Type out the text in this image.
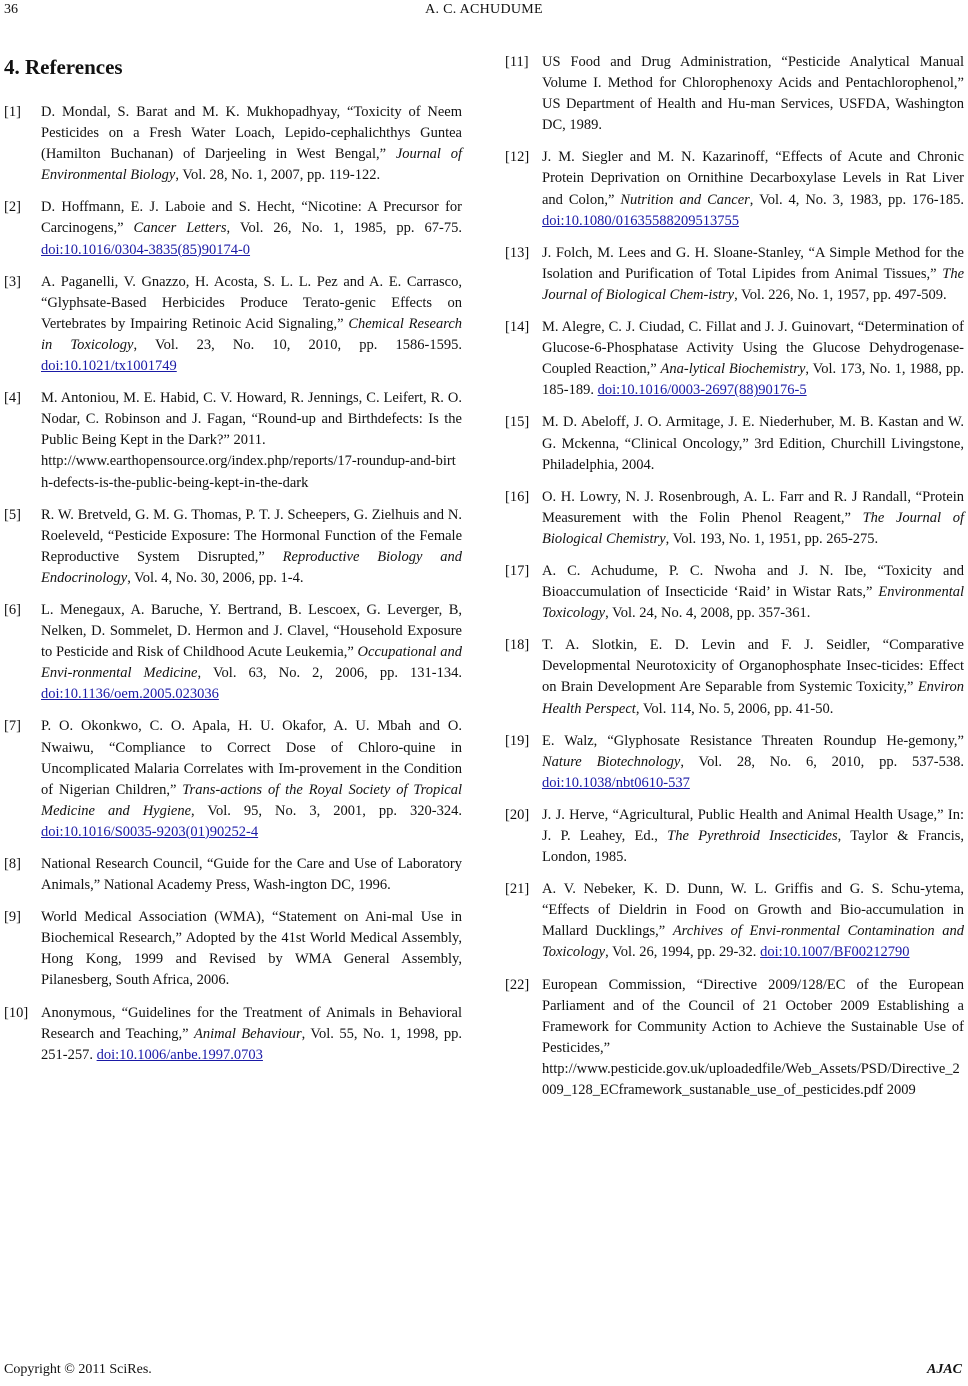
36	A. C. ACHUDUME
4. References
[1]	D. Mondal, S. Barat and M. K. Mukhopadhyay, “Toxicity of Neem Pesticides on a Fresh Water Loach, Lepido-cephalichthys Guntea (Hamilton Buchanan) of Darjeeling in West Bengal,” Journal of Environmental Biology, Vol. 28, No. 1, 2007, pp. 119-122.
[2]	D. Hoffmann, E. J. Laboie and S. Hecht, “Nicotine: A Precursor for Carcinogens,” Cancer Letters, Vol. 26, No. 1, 1985, pp. 67-75. doi:10.1016/0304-3835(85)90174-0
[3]	A. Paganelli, V. Gnazzo, H. Acosta, S. L. L. Pez and A. E. Carrasco, “Glyphsate-Based Herbicides Produce Terato-genic Effects on Vertebrates by Impairing Retinoic Acid Signaling,” Chemical Research in Toxicology, Vol. 23, No. 10, 2010, pp. 1586-1595. doi:10.1021/tx1001749
[4]	M. Antoniou, M. E. Habid, C. V. Howard, R. Jennings, C. Leifert, R. O. Nodar, C. Robinson and J. Fagan, “Round-up and Birthdefects: Is the Public Being Kept in the Dark?” 2011.
http://www.earthopensource.org/index.php/reports/17-roundup-and-birth-defects-is-the-public-being-kept-in-the-dark
[5]	R. W. Bretveld, G. M. G. Thomas, P. T. J. Scheepers, G. Zielhuis and N. Roeleveld, “Pesticide Exposure: The Hormonal Function of the Female Reproductive System Disrupted,” Reproductive Biology and Endocrinology, Vol. 4, No. 30, 2006, pp. 1-4.
[6]	L. Menegaux, A. Baruche, Y. Bertrand, B. Lescoex, G. Leverger, B, Nelken, D. Sommelet, D. Hermon and J. Clavel, “Household Exposure to Pesticide and Risk of Childhood Acute Leukemia,” Occupational and Envi-ronmental Medicine, Vol. 63, No. 2, 2006, pp. 131-134. doi:10.1136/oem.2005.023036
[7]	P. O. Okonkwo, C. O. Apala, H. U. Okafor, A. U. Mbah and O. Nwaiwu, “Compliance to Correct Dose of Chloro-quine in Uncomplicated Malaria Correlates with Im-provement in the Condition of Nigerian Children,” Trans-actions of the Royal Society of Tropical Medicine and Hygiene, Vol. 95, No. 3, 2001, pp. 320-324. doi:10.1016/S0035-9203(01)90252-4
[8]	National Research Council, “Guide for the Care and Use of Laboratory Animals,” National Academy Press, Wash-ington DC, 1996.
[9]	World Medical Association (WMA), “Statement on Ani-mal Use in Biochemical Research,” Adopted by the 41st World Medical Assembly, Hong Kong, 1999 and Revised by WMA General Assembly, Pilanesberg, South Africa, 2006.
[10] Anonymous, “Guidelines for the Treatment of Animals in Behavioral Research and Teaching,” Animal Behaviour, Vol. 55, No. 1, 1998, pp. 251-257. doi:10.1006/anbe.1997.0703
[11] US Food and Drug Administration, “Pesticide Analytical Manual Volume I. Method for Chlorophenoxy Acids and Pentachlorophenol,” US Department of Health and Hu-man Services, USFDA, Washington DC, 1989.
[12] J. M. Siegler and M. N. Kazarinoff, “Effects of Acute and Chronic Protein Deprivation on Ornithine Decarboxylase Levels in Rat Liver and Colon,” Nutrition and Cancer, Vol. 4, No. 3, 1983, pp. 176-185. doi:10.1080/01635588209513755
[13] J. Folch, M. Lees and G. H. Sloane-Stanley, “A Simple Method for the Isolation and Purification of Total Lipides from Animal Tissues,” The Journal of Biological Chem-istry, Vol. 226, No. 1, 1957, pp. 497-509.
[14] M. Alegre, C. J. Ciudad, C. Fillat and J. J. Guinovart, “Determination of Glucose-6-Phosphatase Activity Using the Glucose Dehydrogenase-Coupled Reaction,” Ana-lytical Biochemistry, Vol. 173, No. 1, 1988, pp. 185-189. doi:10.1016/0003-2697(88)90176-5
[15] M. D. Abeloff, J. O. Armitage, J. E. Niederhuber, M. B. Kastan and W. G. Mckenna, “Clinical Oncology,” 3rd Edition, Churchill Livingstone, Philadelphia, 2004.
[16] O. H. Lowry, N. J. Rosenbrough, A. L. Farr and R. J Randall, “Protein Measurement with the Folin Phenol Reagent,” The Journal of Biological Chemistry, Vol. 193, No. 1, 1951, pp. 265-275.
[17] A. C. Achudume, P. C. Nwoha and J. N. Ibe, “Toxicity and Bioaccumulation of Insecticide ‘Raid’ in Wistar Rats,” Environmental Toxicology, Vol. 24, No. 4, 2008, pp. 357-361.
[18] T. A. Slotkin, E. D. Levin and F. J. Seidler, “Comparative Developmental Neurotoxicity of Organophosphate Insec-ticides: Effect on Brain Development Are Separable from Systemic Toxicity,” Environ Health Perspect, Vol. 114, No. 5, 2006, pp. 41-50.
[19] E. Walz, “Glyphosate Resistance Threaten Roundup He-gemony,” Nature Biotechnology, Vol. 28, No. 6, 2010, pp. 537-538. doi:10.1038/nbt0610-537
[20] J. J. Herve, “Agricultural, Public Health and Animal Health Usage,” In: J. P. Leahey, Ed., The Pyrethroid Insecticides, Taylor & Francis, London, 1985.
[21] A. V. Nebeker, K. D. Dunn, W. L. Griffis and G. S. Schu-ytema, “Effects of Dieldrin in Food on Growth and Bio-accumulation in Mallard Ducklings,” Archives of Envi-ronmental Contamination and Toxicology, Vol. 26, 1994, pp. 29-32. doi:10.1007/BF00212790
[22] European Commission, “Directive 2009/128/EC of the European Parliament and of the Council of 21 October 2009 Establishing a Framework for Community Action to Achieve the Sustainable Use of Pesticides,”
http://www.pesticide.gov.uk/uploadedfile/Web_Assets/PSD/Directive_2009_128_ECframework_sustanable_use_of_pesticides.pdf 2009
Copyright © 2011 SciRes.	AJAC
